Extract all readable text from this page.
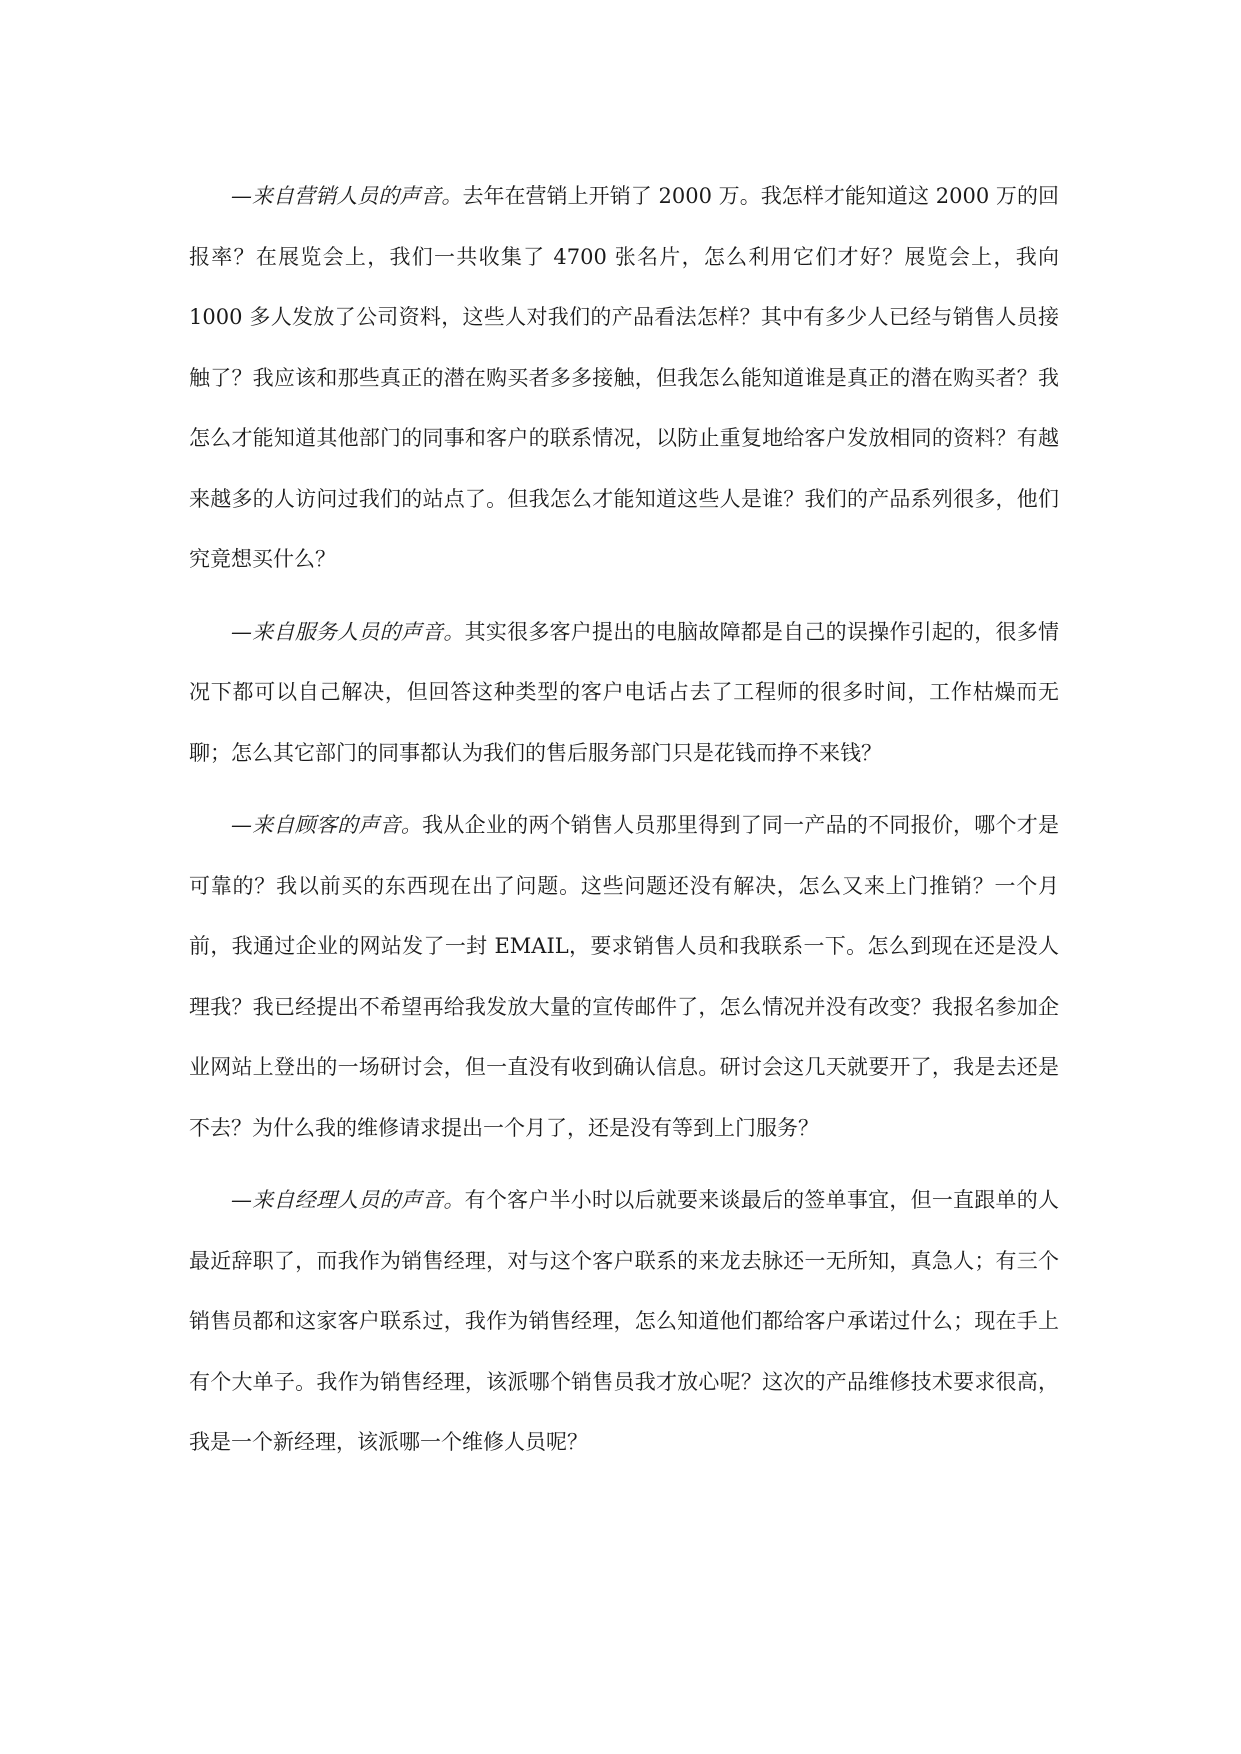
—来自营销人员的声音。去年在营销上开销了 2000 万。我怎样才能知道这 2000 万的回报率？在展览会上，我们一共收集了 4700 张名片，怎么利用它们才好？展览会上，我向 1000 多人发放了公司资料，这些人对我们的产品看法怎样？其中有多少人已经与销售人员接触了？我应该和那些真正的潜在购买者多多接触，但我怎么能知道谁是真正的潜在购买者？我怎么才能知道其他部门的同事和客户的联系情况，以防止重复地给客户发放相同的资料？有越来越多的人访问过我们的站点了。但我怎么才能知道这些人是谁？我们的产品系列很多，他们究竟想买什么？

—来自服务人员的声音。其实很多客户提出的电脑故障都是自己的误操作引起的，很多情况下都可以自己解决，但回答这种类型的客户电话占去了工程师的很多时间，工作枯燥而无聊；怎么其它部门的同事都认为我们的售后服务部门只是花钱而挣不来钱？

—来自顾客的声音。我从企业的两个销售人员那里得到了同一产品的不同报价，哪个才是可靠的？我以前买的东西现在出了问题。这些问题还没有解决，怎么又来上门推销？一个月前，我通过企业的网站发了一封 EMAIL，要求销售人员和我联系一下。怎么到现在还是没人理我？我已经提出不希望再给我发放大量的宣传邮件了，怎么情况并没有改变？我报名参加企业网站上登出的一场研讨会，但一直没有收到确认信息。研讨会这几天就要开了，我是去还是不去？为什么我的维修请求提出一个月了，还是没有等到上门服务？

—来自经理人员的声音。有个客户半小时以后就要来谈最后的签单事宜，但一直跟单的人最近辞职了，而我作为销售经理，对与这个客户联系的来龙去脉还一无所知，真急人；有三个销售员都和这家客户联系过，我作为销售经理，怎么知道他们都给客户承诺过什么；现在手上有个大单子。我作为销售经理，该派哪个销售员我才放心呢？这次的产品维修技术要求很高，我是一个新经理，该派哪一个维修人员呢？
